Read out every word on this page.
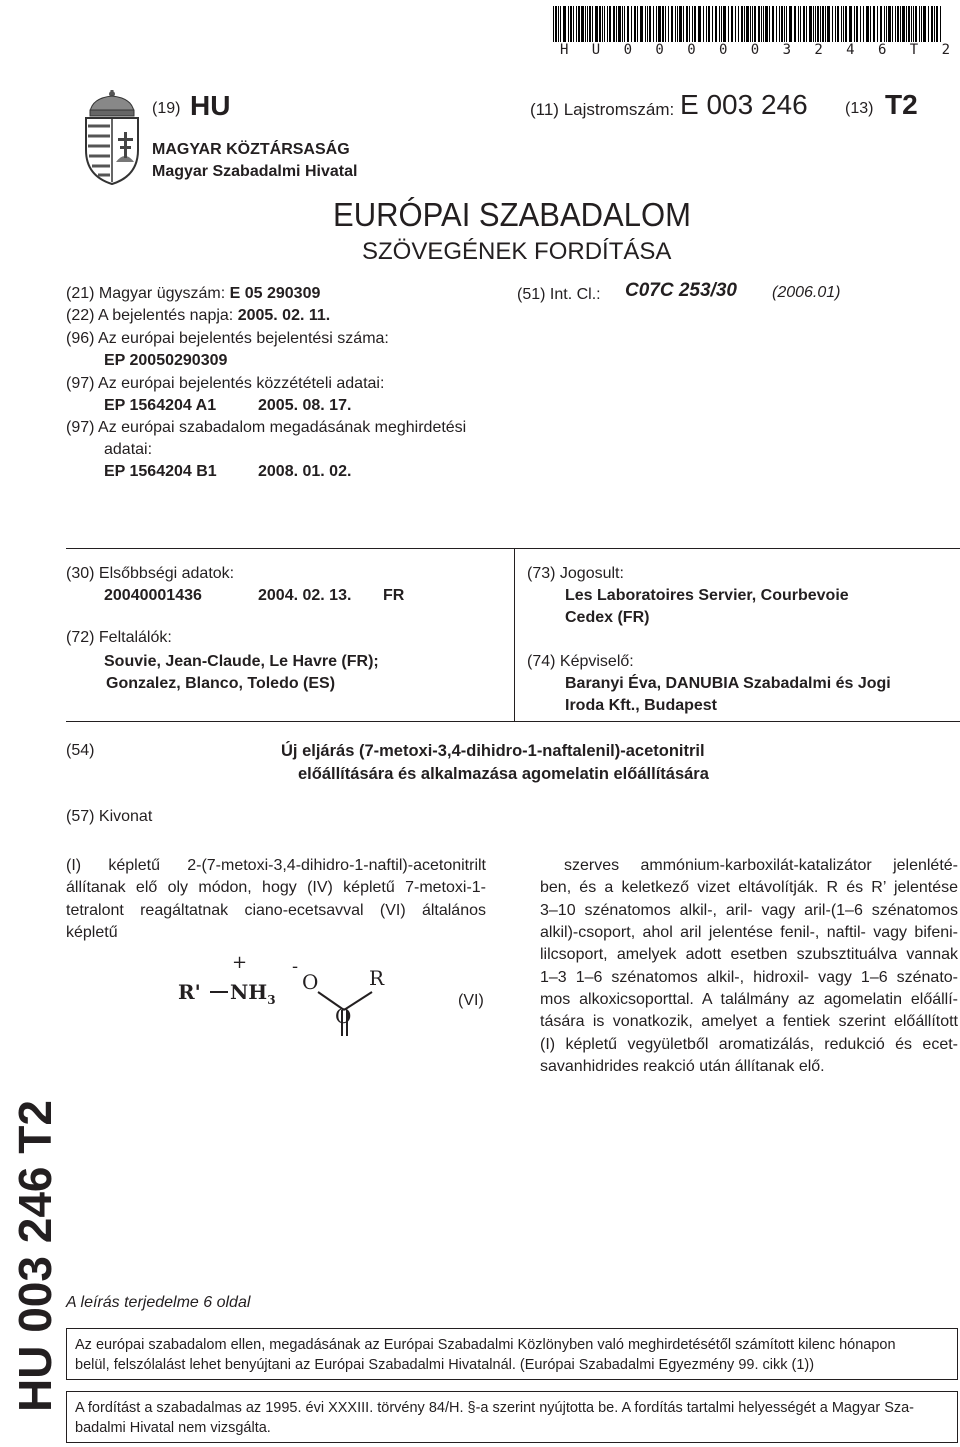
H U 0 0 0 0 0 3 2 4 6 T 2
(19) HU	(11) Lajstromszám: E 003 246 (13) T2
MAGYAR KÖZTÁRSASÁG
Magyar Szabadalmi Hivatal
EURÓPAI SZABADALOM
SZÖVEGÉNEK FORDÍTÁSA
(21) Magyar ügyszám: E 05 290309
(22) A bejelentés napja: 2005. 02. 11.
(96) Az európai bejelentés bejelentési száma:
EP 20050290309
(97) Az európai bejelentés közzétételi adatai:
EP 1564204 A1	2005. 08. 17.
(97) Az európai szabadalom megadásának meghirdetési
adatai:
EP 1564204 B1	2008. 01. 02.
(51) Int. Cl.: C07C 253/30 (2006.01)
(30) Elsőbbségi adatok:
20040001436	2004. 02. 13. FR
(72) Feltalálók:
Souvie, Jean-Claude, Le Havre (FR);
Gonzalez, Blanco, Toledo (ES)
(73) Jogosult:
Les Laboratoires Servier, Courbevoie
Cedex (FR)
(74) Képviselő:
Baranyi Éva, DANUBIA Szabadalmi és Jogi
Iroda Kft., Budapest
(54)	Új eljárás (7-metoxi-3,4-dihidro-1-naftalenil)-acetonitril
előállítására és alkalmazása agomelatin előállítására
(57) Kivonat
(I) képletű 2-(7-metoxi-3,4-dihidro-1-naftil)-acetonitrilt
állítanak elő oly módon, hogy (IV) képletű 7-metoxi-1-
tetralont reagáltatnak ciano-ecetsavval (VI) általános
képletű
+ -
R' $NH_3$
O	R
O
(VI)
szerves ammónium-karboxilát-katalizátor jelenlété-
ben, és a keletkező vizet eltávolítják. R és R’ jelentése
3–10 szénatomos alkil-, aril- vagy aril-(1–6 szénatomos
alkil)-csoport, ahol aril jelentése fenil-, naftil- vagy bifeni-
lilcsoport, amelyek adott esetben szubsztituálva vannak
1–3 1–6 szénatomos alkil-, hidroxil- vagy 1–6 szénato-
mos alkoxicsoporttal. A találmány az agomelatin előállí-
tására is vonatkozik, amelyet a fentiek szerint előállított
(I) képletű vegyületből aromatizálás, redukció és ecet-
savanhidrides reakció után állítanak elő.
HU 003 246 T2 A leírás terjedelme 6 oldal
Az európai szabadalom ellen, megadásának az Európai Szabadalmi Közlönyben való meghirdetésétől számított kilenc hónapon
belül, felszólalást lehet benyújtani az Európai Szabadalmi Hivatalnál. (Európai Szabadalmi Egyezmény 99. cikk (1))
A fordítást a szabadalmas az 1995. évi XXXIII. törvény 84/H. §-a szerint nyújtotta be. A fordítás tartalmi helyességét a Magyar Sza-
badalmi Hivatal nem vizsgálta.
